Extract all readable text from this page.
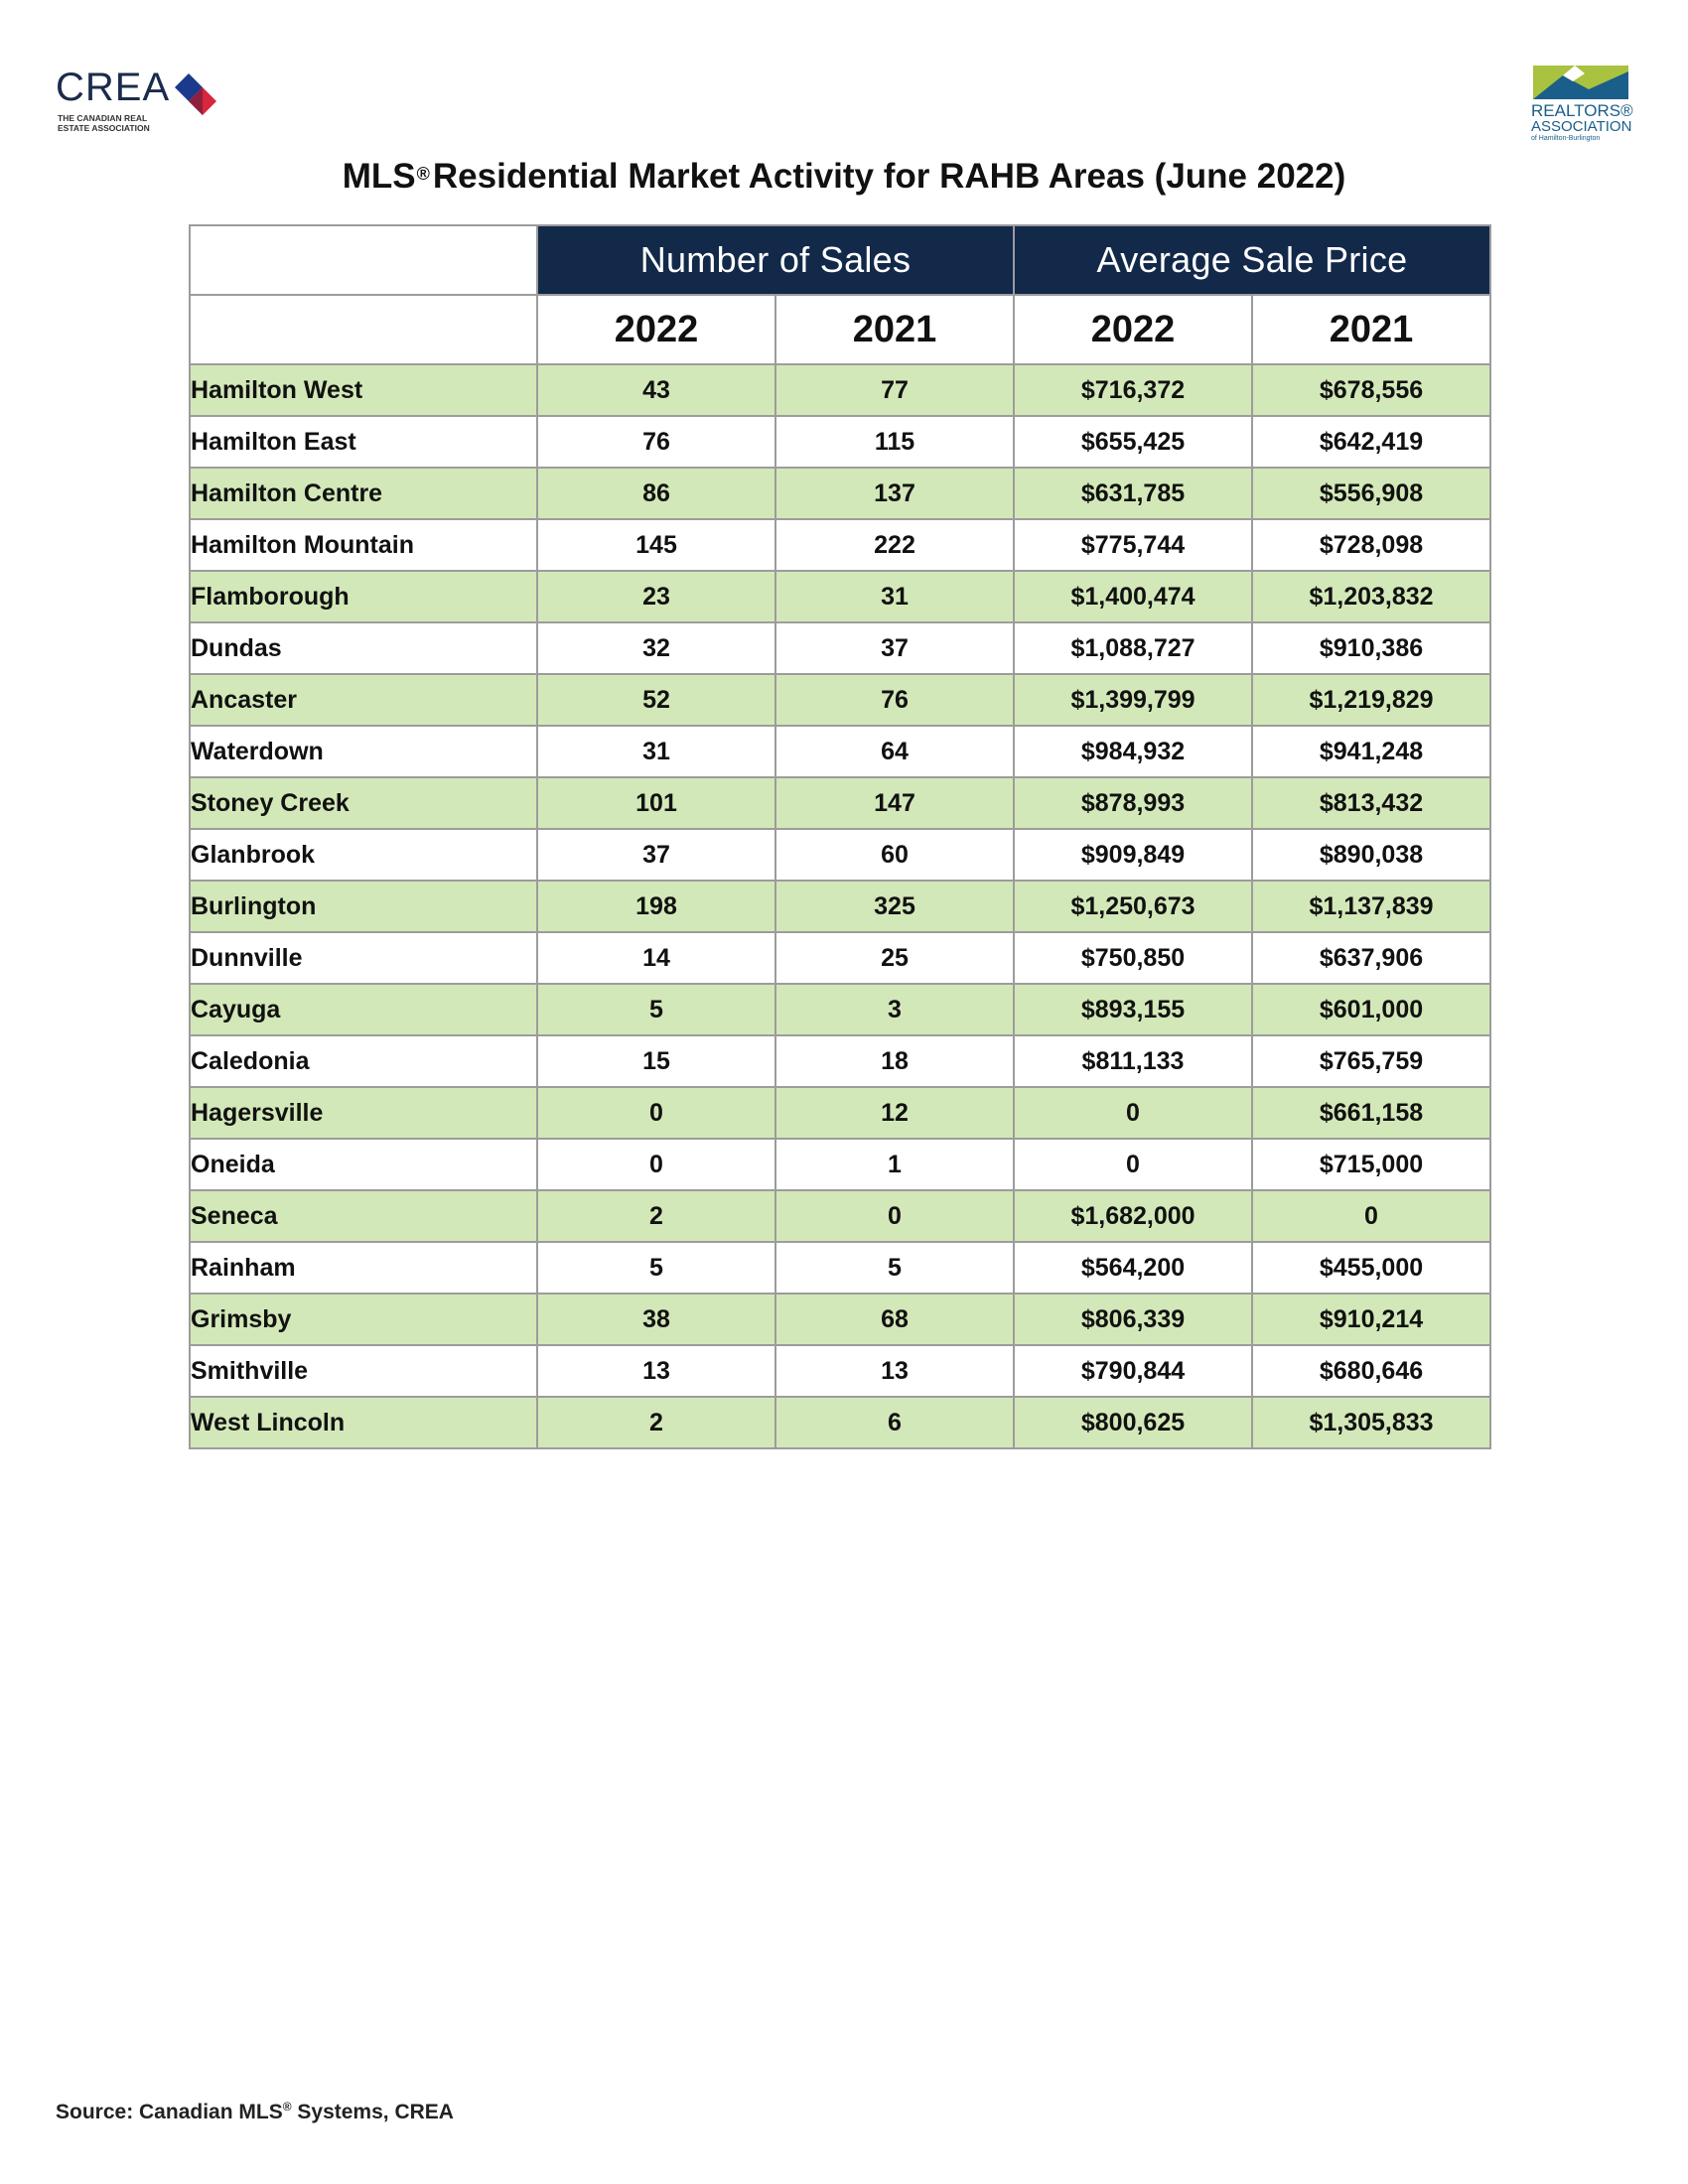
CREA
THE CANADIAN REAL ESTATE ASSOCIATION
REALTORS®
ASSOCIATION
of Hamilton-Burlington
MLS®Residential Market Activity for RAHB Areas (June 2022)
	Number of Sales		Average Sale Price	
	2022	2021	2022	2021
Hamilton West	43	77	$716,372	$678,556
Hamilton East	76	115	$655,425	$642,419
Hamilton Centre	86	137	$631,785	$556,908
Hamilton Mountain	145	222	$775,744	$728,098
Flamborough	23	31	$1,400,474	$1,203,832
Dundas	32	37	$1,088,727	$910,386
Ancaster	52	76	$1,399,799	$1,219,829
Waterdown	31	64	$984,932	$941,248
Stoney Creek	101	147	$878,993	$813,432
Glanbrook	37	60	$909,849	$890,038
Burlington	198	325	$1,250,673	$1,137,839
Dunnville	14	25	$750,850	$637,906
Cayuga	5	3	$893,155	$601,000
Caledonia	15	18	$811,133	$765,759
Hagersville	0	12	0	$661,158
Oneida	0	1	0	$715,000
Seneca	2	0	$1,682,000	0
Rainham	5	5	$564,200	$455,000
Grimsby	38	68	$806,339	$910,214
Smithville	13	13	$790,844	$680,646
West Lincoln	2	6	$800,625	$1,305,833
Source: Canadian MLS® Systems, CREA
